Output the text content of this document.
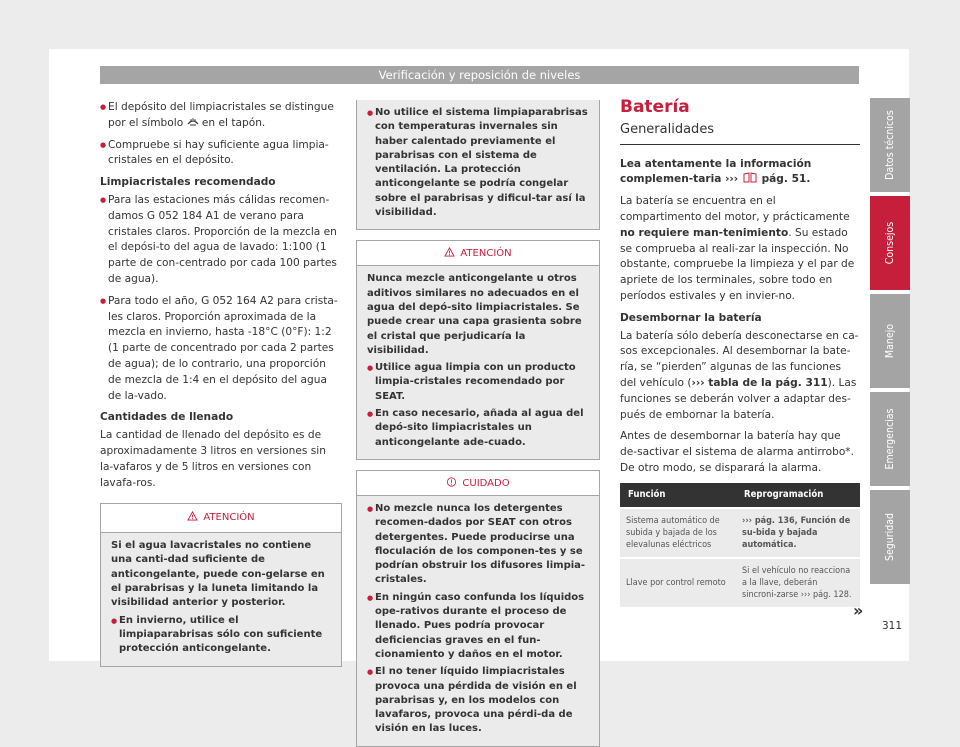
Verificación y reposición de niveles
Datos técnicos
Consejos
Manejo
Emergencias
Seguridad

● El depósito del limpiacristales se distingue por el símbolo  en el tapón.

● Compruebe si hay suficiente agua limpia-cristales en el depósito.

Limpiacristales recomendado

● Para las estaciones más cálidas recomen-damos G 052 184 A1 de verano para cristales claros. Proporción de la mezcla en el depósi-to del agua de lavado: 1:100 (1 parte de con-centrado por cada 100 partes de agua).

● Para todo el año, G 052 164 A2 para crista-les claros. Proporción aproximada de la mezcla en invierno, hasta -18°C (0°F): 1:2 (1 parte de concentrado por cada 2 partes de agua); de lo contrario, una proporción de mezcla de 1:4 en el depósito del agua de la-vado.

Cantidades de llenado

La cantidad de llenado del depósito es de aproximadamente 3 litros en versiones sin la-vafaros y de 5 litros en versiones con lavafa-ros.

ATENCIÓN

Si el agua lavacristales no contiene una canti-dad suficiente de anticongelante, puede con-gelarse en el parabrisas y la luneta limitando la visibilidad anterior y posterior.

● En invierno, utilice el limpiaparabrisas sólo con suficiente protección anticongelante.

● No utilice el sistema limpiaparabrisas con temperaturas invernales sin haber calentado previamente el parabrisas con el sistema de ventilación. La protección anticongelante se podría congelar sobre el parabrisas y dificul-tar así la visibilidad.

ATENCIÓN

Nunca mezcle anticongelante u otros aditivos similares no adecuados en el agua del depó-sito limpiacristales. Se puede crear una capa grasienta sobre el cristal que perjudicaría la visibilidad.

● Utilice agua limpia con un producto limpia-cristales recomendado por SEAT.

● En caso necesario, añada al agua del depó-sito limpiacristales un anticongelante ade-cuado.

CUIDADO

● No mezcle nunca los detergentes recomen-dados por SEAT con otros detergentes. Puede producirse una floculación de los componen-tes y se podrían obstruir los difusores limpia-cristales.

● En ningún caso confunda los líquidos ope-rativos durante el proceso de llenado. Pues podría provocar deficiencias graves en el fun-cionamiento y daños en el motor.

● El no tener líquido limpiacristales provoca una pérdida de visión en el parabrisas y, en los modelos con lavafaros, provoca una pérdi-da de visión en las luces.

Batería
Generalidades

Lea atentamente la información complemen-taria ››› pág. 51.

La batería se encuentra en el compartimento del motor, y prácticamente no requiere man-tenimiento. Su estado se comprueba al reali-zar la inspección. No obstante, compruebe la limpieza y el par de apriete de los terminales, sobre todo en períodos estivales y en invier-no.

Desembornar la batería

La batería sólo debería desconectarse en ca-sos excepcionales. Al desembornar la bate-ría, se “pierden” algunas de las funciones del vehículo (››› tabla de la pág. 311). Las funciones se deberán volver a adaptar des-pués de embornar la batería.

Antes de desembornar la batería hay que de-sactivar el sistema de alarma antirrobo*. De otro modo, se disparará la alarma.

Función	Reprogramación
Sistema automático de subida y bajada de los elevalunas eléctricos	››› pág. 136, Función de su-bida y bajada automática.
Llave por control remoto	Si el vehículo no reacciona a la llave, deberán sincroni-zarse ››› pág. 128.
»
311
